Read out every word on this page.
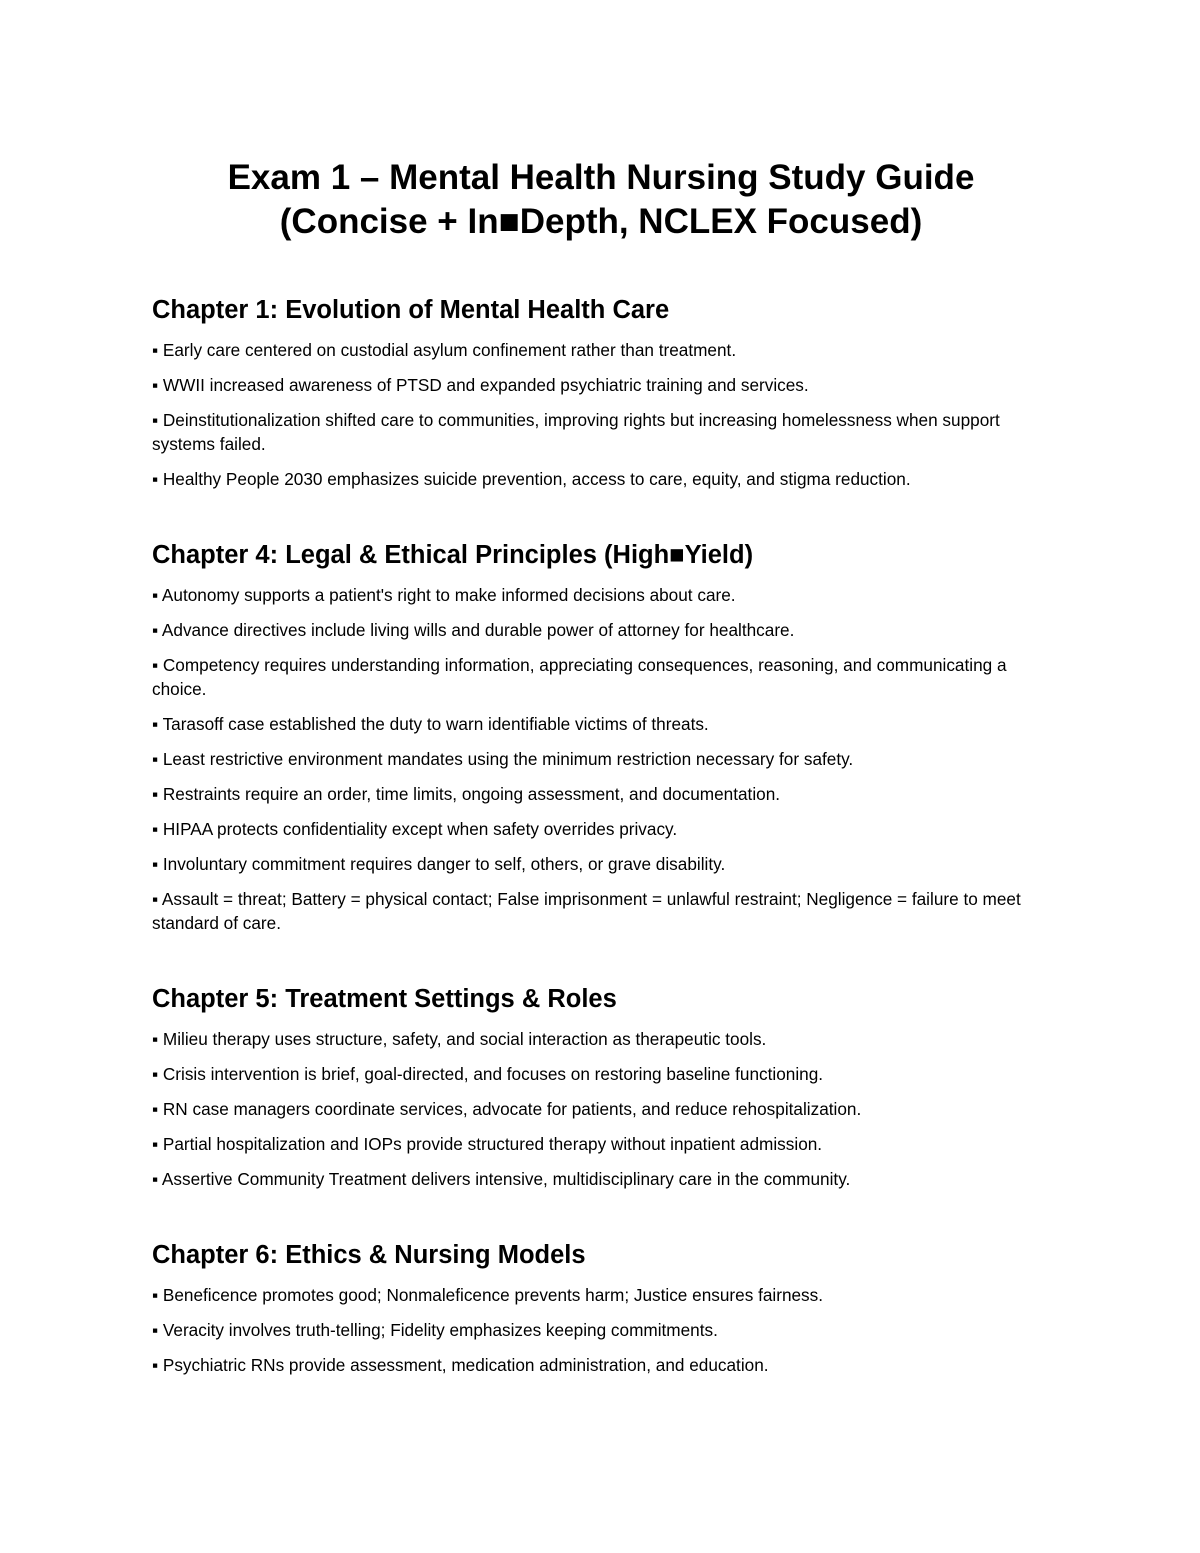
Exam 1 – Mental Health Nursing Study Guide
(Concise + In■Depth, NCLEX Focused)
Chapter 1: Evolution of Mental Health Care
▪ Early care centered on custodial asylum confinement rather than treatment.
▪ WWII increased awareness of PTSD and expanded psychiatric training and services.
▪ Deinstitutionalization shifted care to communities, improving rights but increasing homelessness when support systems failed.
▪ Healthy People 2030 emphasizes suicide prevention, access to care, equity, and stigma reduction.
Chapter 4: Legal & Ethical Principles (High■Yield)
▪ Autonomy supports a patient's right to make informed decisions about care.
▪ Advance directives include living wills and durable power of attorney for healthcare.
▪ Competency requires understanding information, appreciating consequences, reasoning, and communicating a choice.
▪ Tarasoff case established the duty to warn identifiable victims of threats.
▪ Least restrictive environment mandates using the minimum restriction necessary for safety.
▪ Restraints require an order, time limits, ongoing assessment, and documentation.
▪ HIPAA protects confidentiality except when safety overrides privacy.
▪ Involuntary commitment requires danger to self, others, or grave disability.
▪ Assault = threat; Battery = physical contact; False imprisonment = unlawful restraint; Negligence = failure to meet standard of care.
Chapter 5: Treatment Settings & Roles
▪ Milieu therapy uses structure, safety, and social interaction as therapeutic tools.
▪ Crisis intervention is brief, goal-directed, and focuses on restoring baseline functioning.
▪ RN case managers coordinate services, advocate for patients, and reduce rehospitalization.
▪ Partial hospitalization and IOPs provide structured therapy without inpatient admission.
▪ Assertive Community Treatment delivers intensive, multidisciplinary care in the community.
Chapter 6: Ethics & Nursing Models
▪ Beneficence promotes good; Nonmaleficence prevents harm; Justice ensures fairness.
▪ Veracity involves truth-telling; Fidelity emphasizes keeping commitments.
▪ Psychiatric RNs provide assessment, medication administration, and education.
